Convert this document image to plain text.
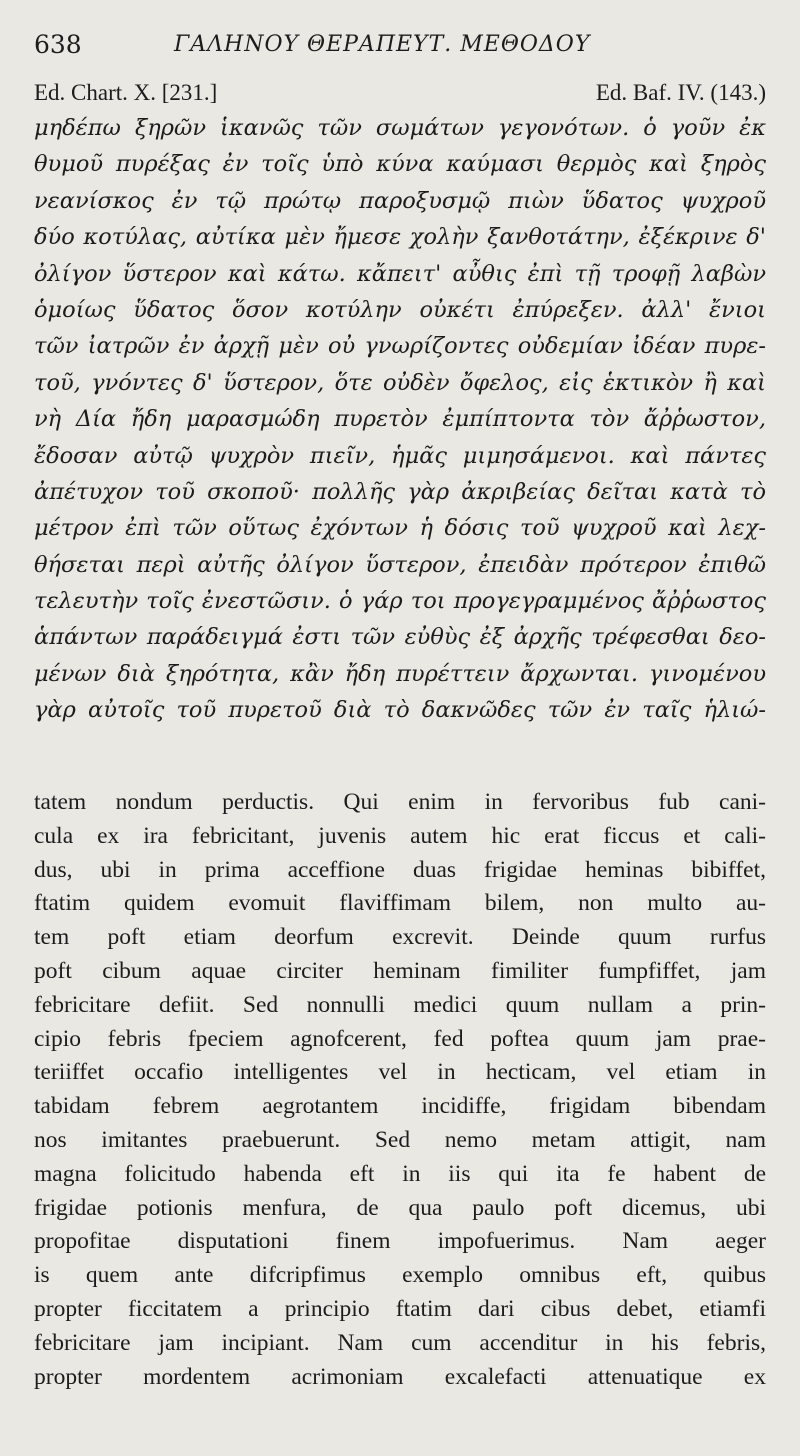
638	ΓΑΛΗΝΟΥ ΘΕΡΑΠΕΥΤ. ΜΕΘΟΔΟΥ
Ed. Chart. X. [231.]	Ed. Baf. IV. (143.)
μηδέπω ξηρῶν ἱκανῶς τῶν σωμάτων γεγονότων. ὁ γοῦν ἐκ
θυμοῦ πυρέξας ἐν τοῖς ὑπὸ κύνα καύμασι θερμὸς καὶ ξηρὸς
νεανίσκος ἐν τῷ πρώτῳ παροξυσμῷ πιὼν ὕδατος ψυχροῦ
δύο κοτύλας, αὐτίκα μὲν ἤμεσε χολὴν ξανθοτάτην, ἐξέκρινε δ'
ὀλίγον ὕστερον καὶ κάτω. κἄπειτ' αὖθις ἐπὶ τῇ τροφῇ λαβὼν
ὁμοίως ὕδατος ὅσον κοτύλην οὐκέτι ἐπύρεξεν. ἀλλ' ἔνιοι
τῶν ἰατρῶν ἐν ἀρχῇ μὲν οὐ γνωρίζοντες οὐδεμίαν ἰδέαν πυρε-
τοῦ, γνόντες δ' ὕστερον, ὅτε οὐδὲν ὄφελος, εἰς ἑκτικὸν ἢ καὶ
νὴ Δία ἤδη μαρασμώδη πυρετὸν ἐμπίπτοντα τὸν ἄῤῥωστον,
ἔδοσαν αὐτῷ ψυχρὸν πιεῖν, ἡμᾶς μιμησάμενοι. καὶ πάντες
ἀπέτυχον τοῦ σκοποῦ· πολλῆς γὰρ ἀκριβείας δεῖται κατὰ τὸ
μέτρον ἐπὶ τῶν οὕτως ἐχόντων ἡ δόσις τοῦ ψυχροῦ καὶ λεχ-
θήσεται περὶ αὐτῆς ὀλίγον ὕστερον, ἐπειδὰν πρότερον ἐπιθῶ
τελευτὴν τοῖς ἐνεστῶσιν. ὁ γάρ τοι προγεγραμμένος ἄῤῥωστος
ἁπάντων παράδειγμά ἐστι τῶν εὐθὺς ἐξ ἀρχῆς τρέφεσθαι δεο-
μένων διὰ ξηρότητα, κἂν ἤδη πυρέττειν ἄρχωνται. γινομένου
γὰρ αὐτοῖς τοῦ πυρετοῦ διὰ τὸ δακνῶδες τῶν ἐν ταῖς ἡλιώ-
tatem nondum perductis. Qui enim in fervoribus fub cani-
cula ex ira febricitant, juvenis autem hic erat ficcus et cali-
dus, ubi in prima acceffione duas frigidae heminas bibiffet,
ftatim quidem evomuit flaviffimam bilem, non multo au-
tem poft etiam deorfum excrevit. Deinde quum rurfus
poft cibum aquae circiter heminam fimiliter fumpfiffet, jam
febricitare defiit. Sed nonnulli medici quum nullam a prin-
cipio febris fpeciem agnofcerent, fed poftea quum jam prae-
teriiffet occafio intelligentes vel in hecticam, vel etiam in
tabidam febrem aegrotantem incidiffe, frigidam bibendam
nos imitantes praebuerunt. Sed nemo metam attigit, nam
magna folicitudo habenda eft in iis qui ita fe habent de
frigidae potionis menfura, de qua paulo poft dicemus, ubi
propofitae disputationi finem impofuerimus. Nam aeger
is quem ante difcripfimus exemplo omnibus eft, quibus
propter ficcitatem a principio ftatim dari cibus debet, etiamfi
febricitare jam incipiant. Nam cum accenditur in his febris,
propter mordentem acrimoniam excalefacti attenuatique ex
